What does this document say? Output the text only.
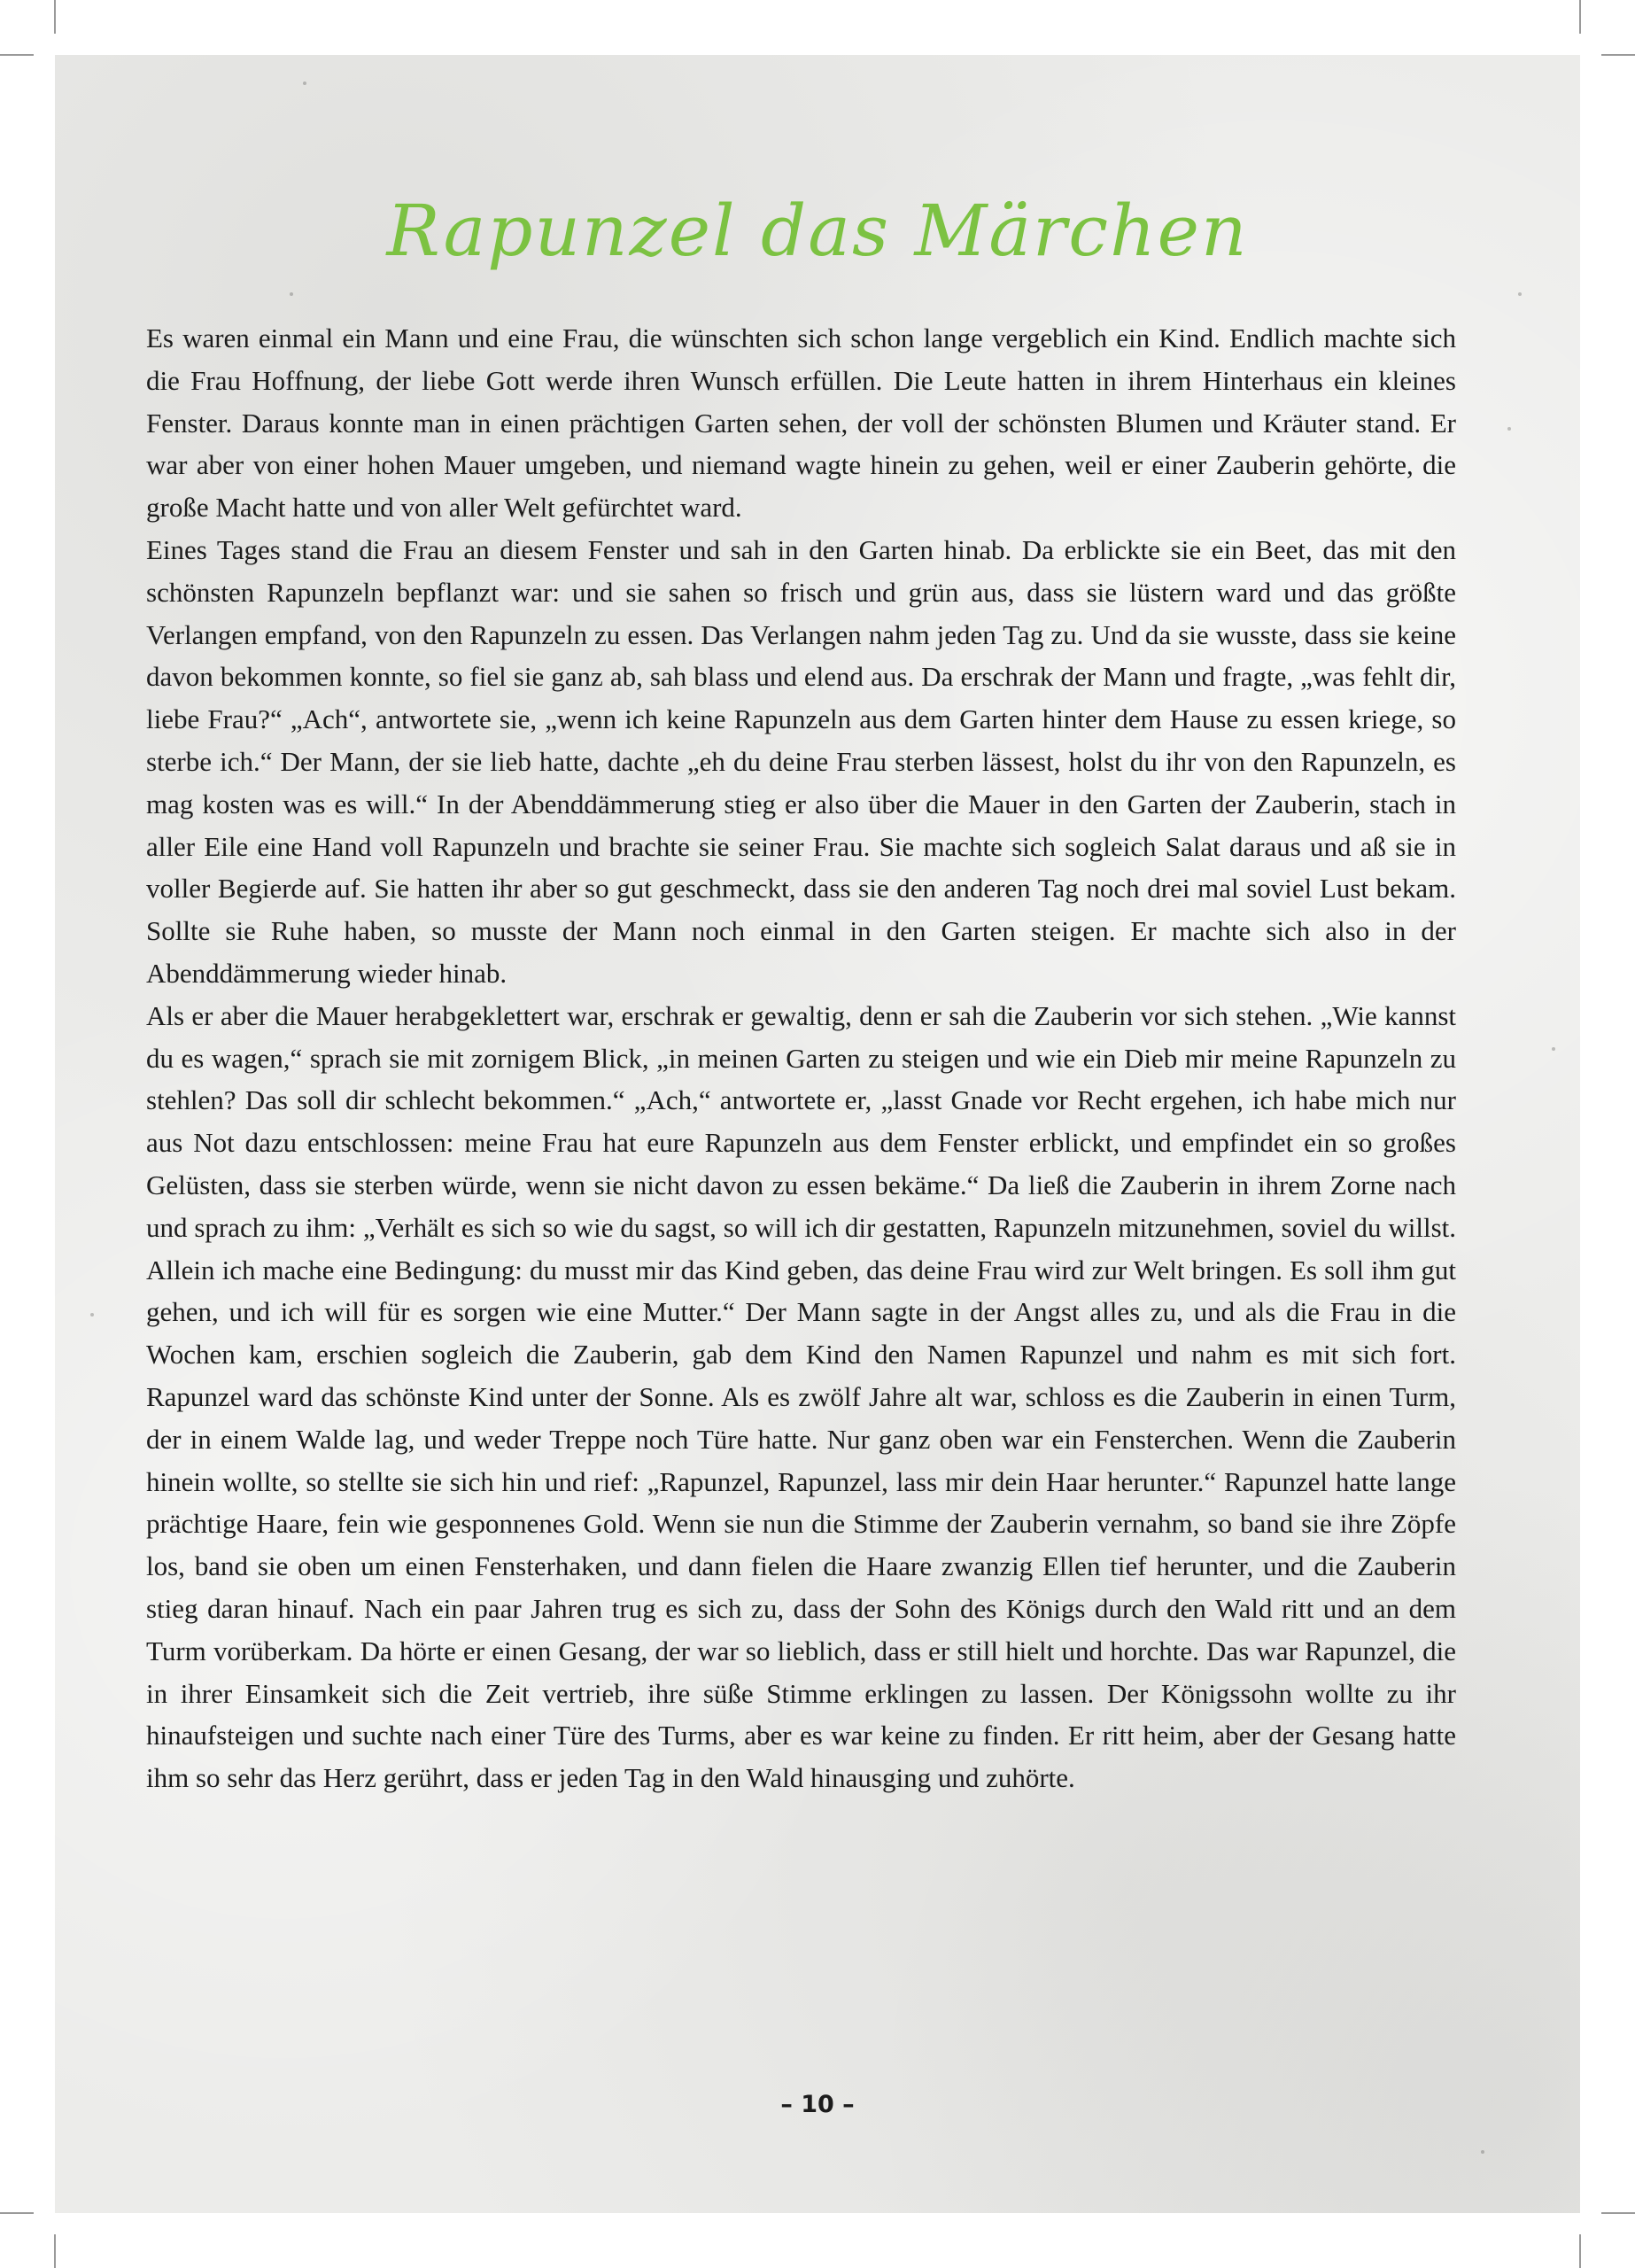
Rapunzel das Märchen

Es waren einmal ein Mann und eine Frau, die wünschten sich schon lange vergeblich ein Kind. Endlich machte sich die Frau Hoffnung, der liebe Gott werde ihren Wunsch erfüllen. Die Leute hatten in ihrem Hinterhaus ein kleines Fenster. Daraus konnte man in einen prächtigen Garten sehen, der voll der schönsten Blumen und Kräuter stand. Er war aber von einer hohen Mauer umgeben, und niemand wagte hinein zu gehen, weil er einer Zauberin gehörte, die große Macht hatte und von aller Welt gefürchtet ward.

Eines Tages stand die Frau an diesem Fenster und sah in den Garten hinab. Da erblickte sie ein Beet, das mit den schönsten Rapunzeln bepflanzt war: und sie sahen so frisch und grün aus, dass sie lüstern ward und das größte Verlangen empfand, von den Rapunzeln zu essen. Das Verlangen nahm jeden Tag zu. Und da sie wusste, dass sie keine davon bekommen konnte, so fiel sie ganz ab, sah blass und elend aus. Da erschrak der Mann und fragte, „was fehlt dir, liebe Frau?“ „Ach“, antwortete sie, „wenn ich keine Rapunzeln aus dem Garten hinter dem Hause zu essen kriege, so sterbe ich.“ Der Mann, der sie lieb hatte, dachte „eh du deine Frau sterben lässest, holst du ihr von den Rapunzeln, es mag kosten was es will.“ In der Abenddämmerung stieg er also über die Mauer in den Garten der Zauberin, stach in aller Eile eine Hand voll Rapunzeln und brachte sie seiner Frau. Sie machte sich sogleich Salat daraus und aß sie in voller Begierde auf. Sie hatten ihr aber so gut geschmeckt, dass sie den anderen Tag noch drei mal soviel Lust bekam. Sollte sie Ruhe haben, so musste der Mann noch einmal in den Garten steigen. Er machte sich also in der Abenddämmerung wieder hinab.

Als er aber die Mauer herabgeklettert war, erschrak er gewaltig, denn er sah die Zauberin vor sich stehen. „Wie kannst du es wagen,“ sprach sie mit zornigem Blick, „in meinen Garten zu steigen und wie ein Dieb mir meine Rapunzeln zu stehlen? Das soll dir schlecht bekommen.“ „Ach,“ antwortete er, „lasst Gnade vor Recht ergehen, ich habe mich nur aus Not dazu entschlossen: meine Frau hat eure Rapunzeln aus dem Fenster erblickt, und empfindet ein so großes Gelüsten, dass sie sterben würde, wenn sie nicht davon zu essen bekäme.“ Da ließ die Zauberin in ihrem Zorne nach und sprach zu ihm: „Verhält es sich so wie du sagst, so will ich dir gestatten, Rapunzeln mitzunehmen, soviel du willst. Allein ich mache eine Bedingung: du musst mir das Kind geben, das deine Frau wird zur Welt bringen. Es soll ihm gut gehen, und ich will für es sorgen wie eine Mutter.“ Der Mann sagte in der Angst alles zu, und als die Frau in die Wochen kam, erschien sogleich die Zauberin, gab dem Kind den Namen Rapunzel und nahm es mit sich fort. Rapunzel ward das schönste Kind unter der Sonne. Als es zwölf Jahre alt war, schloss es die Zauberin in einen Turm, der in einem Walde lag, und weder Treppe noch Türe hatte. Nur ganz oben war ein Fensterchen. Wenn die Zauberin hinein wollte, so stellte sie sich hin und rief: „Rapunzel, Rapunzel, lass mir dein Haar herunter.“ Rapunzel hatte lange prächtige Haare, fein wie gesponnenes Gold. Wenn sie nun die Stimme der Zauberin vernahm, so band sie ihre Zöpfe los, band sie oben um einen Fensterhaken, und dann fielen die Haare zwanzig Ellen tief herunter, und die Zauberin stieg daran hinauf. Nach ein paar Jahren trug es sich zu, dass der Sohn des Königs durch den Wald ritt und an dem Turm vorüberkam. Da hörte er einen Gesang, der war so lieblich, dass er still hielt und horchte. Das war Rapunzel, die in ihrer Einsamkeit sich die Zeit vertrieb, ihre süße Stimme erklingen zu lassen. Der Königssohn wollte zu ihr hinaufsteigen und suchte nach einer Türe des Turms, aber es war keine zu finden. Er ritt heim, aber der Gesang hatte ihm so sehr das Herz gerührt, dass er jeden Tag in den Wald hinausging und zuhörte.

– 10 –
